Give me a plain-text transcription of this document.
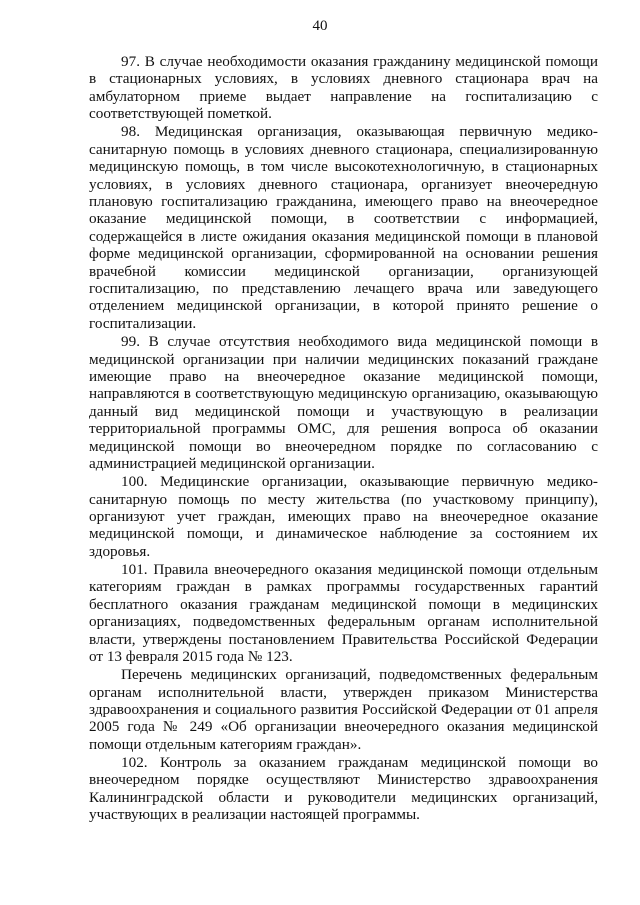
40

97. В случае необходимости оказания гражданину медицинской помощи в стационарных условиях, в условиях дневного стационара врач на амбулаторном приеме выдает направление на госпитализацию с соответствующей пометкой.

98. Медицинская организация, оказывающая первичную медико-санитарную помощь в условиях дневного стационара, специализированную медицинскую помощь, в том числе высокотехнологичную, в стационарных условиях, в условиях дневного стационара, организует внеочередную плановую госпитализацию гражданина, имеющего право на внеочередное оказание медицинской помощи, в соответствии с информацией, содержащейся в листе ожидания оказания медицинской помощи в плановой форме медицинской организации, сформированной на основании решения врачебной комиссии медицинской организации, организующей госпитализацию, по представлению лечащего врача или заведующего отделением медицинской организации, в которой принято решение о госпитализации.

99. В случае отсутствия необходимого вида медицинской помощи в медицинской организации при наличии медицинских показаний граждане имеющие право на внеочередное оказание медицинской помощи, направляются в соответствующую медицинскую организацию, оказывающую данный вид медицинской помощи и участвующую в реализации территориальной программы ОМС, для решения вопроса об оказании медицинской помощи во внеочередном порядке по согласованию с администрацией медицинской организации.

100. Медицинские организации, оказывающие первичную медико-санитарную помощь по месту жительства (по участковому принципу), организуют учет граждан, имеющих право на внеочередное оказание медицинской помощи, и динамическое наблюдение за состоянием их здоровья.

101. Правила внеочередного оказания медицинской помощи отдельным категориям граждан в рамках программы государственных гарантий бесплатного оказания гражданам медицинской помощи в медицинских организациях, подведомственных федеральным органам исполнительной власти, утверждены постановлением Правительства Российской Федерации от 13 февраля 2015 года № 123.

Перечень медицинских организаций, подведомственных федеральным органам исполнительной власти, утвержден приказом Министерства здравоохранения и социального развития Российской Федерации от 01 апреля 2005 года № 249 «Об организации внеочередного оказания медицинской помощи отдельным категориям граждан».

102. Контроль за оказанием гражданам медицинской помощи во внеочередном порядке осуществляют Министерство здравоохранения Калининградской области и руководители медицинских организаций, участвующих в реализации настоящей программы.
